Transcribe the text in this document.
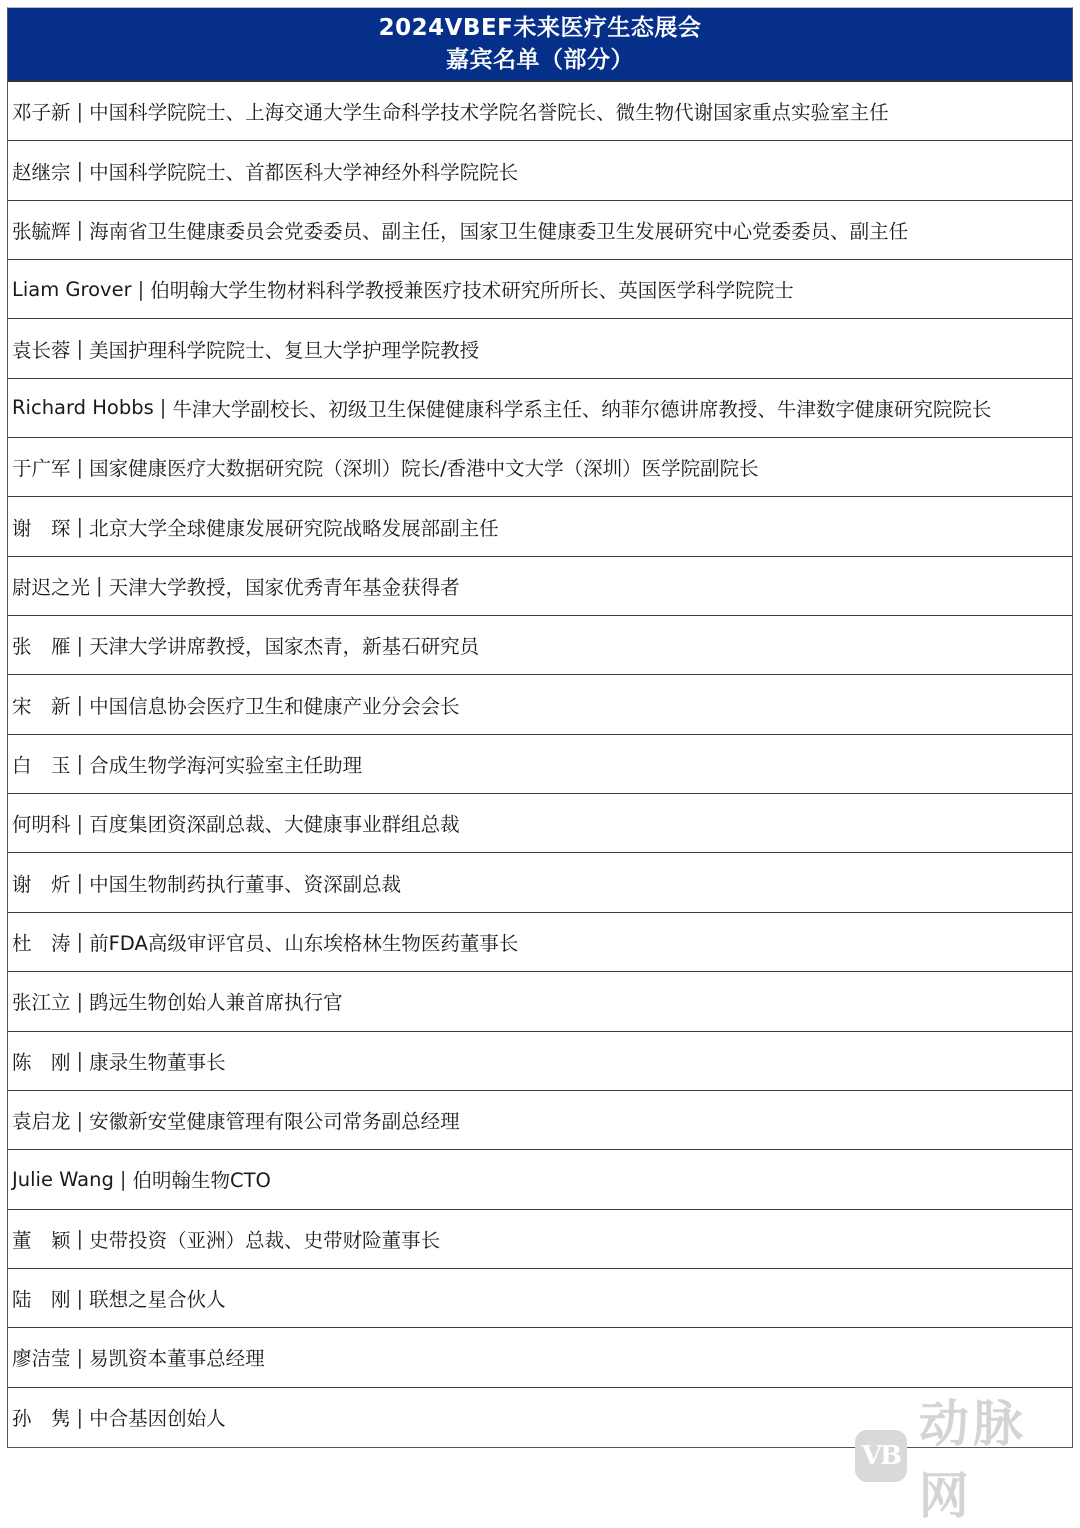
2024VBEF未来医疗生态展会
嘉宾名单（部分）
邓子新 | 中国科学院院士、上海交通大学生命科学技术学院名誉院长、微生物代谢国家重点实验室主任
赵继宗 | 中国科学院院士、首都医科大学神经外科学院院长
张毓辉 | 海南省卫生健康委员会党委委员、副主任，国家卫生健康委卫生发展研究中心党委委员、副主任
Liam Grover | 伯明翰大学生物材料科学教授兼医疗技术研究所所长、英国医学科学院院士
袁长蓉 | 美国护理科学院院士、复旦大学护理学院教授
Richard Hobbs | 牛津大学副校长、初级卫生保健健康科学系主任、纳菲尔德讲席教授、牛津数字健康研究院院长
于广军 | 国家健康医疗大数据研究院（深圳）院长/香港中文大学（深圳）医学院副院长
谢　琛 | 北京大学全球健康发展研究院战略发展部副主任
尉迟之光 | 天津大学教授，国家优秀青年基金获得者
张　雁 | 天津大学讲席教授，国家杰青，新基石研究员
宋　新 | 中国信息协会医疗卫生和健康产业分会会长
白　玉 | 合成生物学海河实验室主任助理
何明科 | 百度集团资深副总裁、大健康事业群组总裁
谢　炘 | 中国生物制药执行董事、资深副总裁
杜　涛 | 前FDA高级审评官员、山东埃格林生物医药董事长
张江立 | 鹍远生物创始人兼首席执行官
陈　刚 | 康录生物董事长
袁启龙 | 安徽新安堂健康管理有限公司常务副总经理
Julie Wang | 伯明翰生物CTO
董　颖 | 史带投资（亚洲）总裁、史带财险董事长
陆　刚 | 联想之星合伙人
廖洁莹 | 易凯资本董事总经理
孙　隽 | 中合基因创始人
VB
动脉网
